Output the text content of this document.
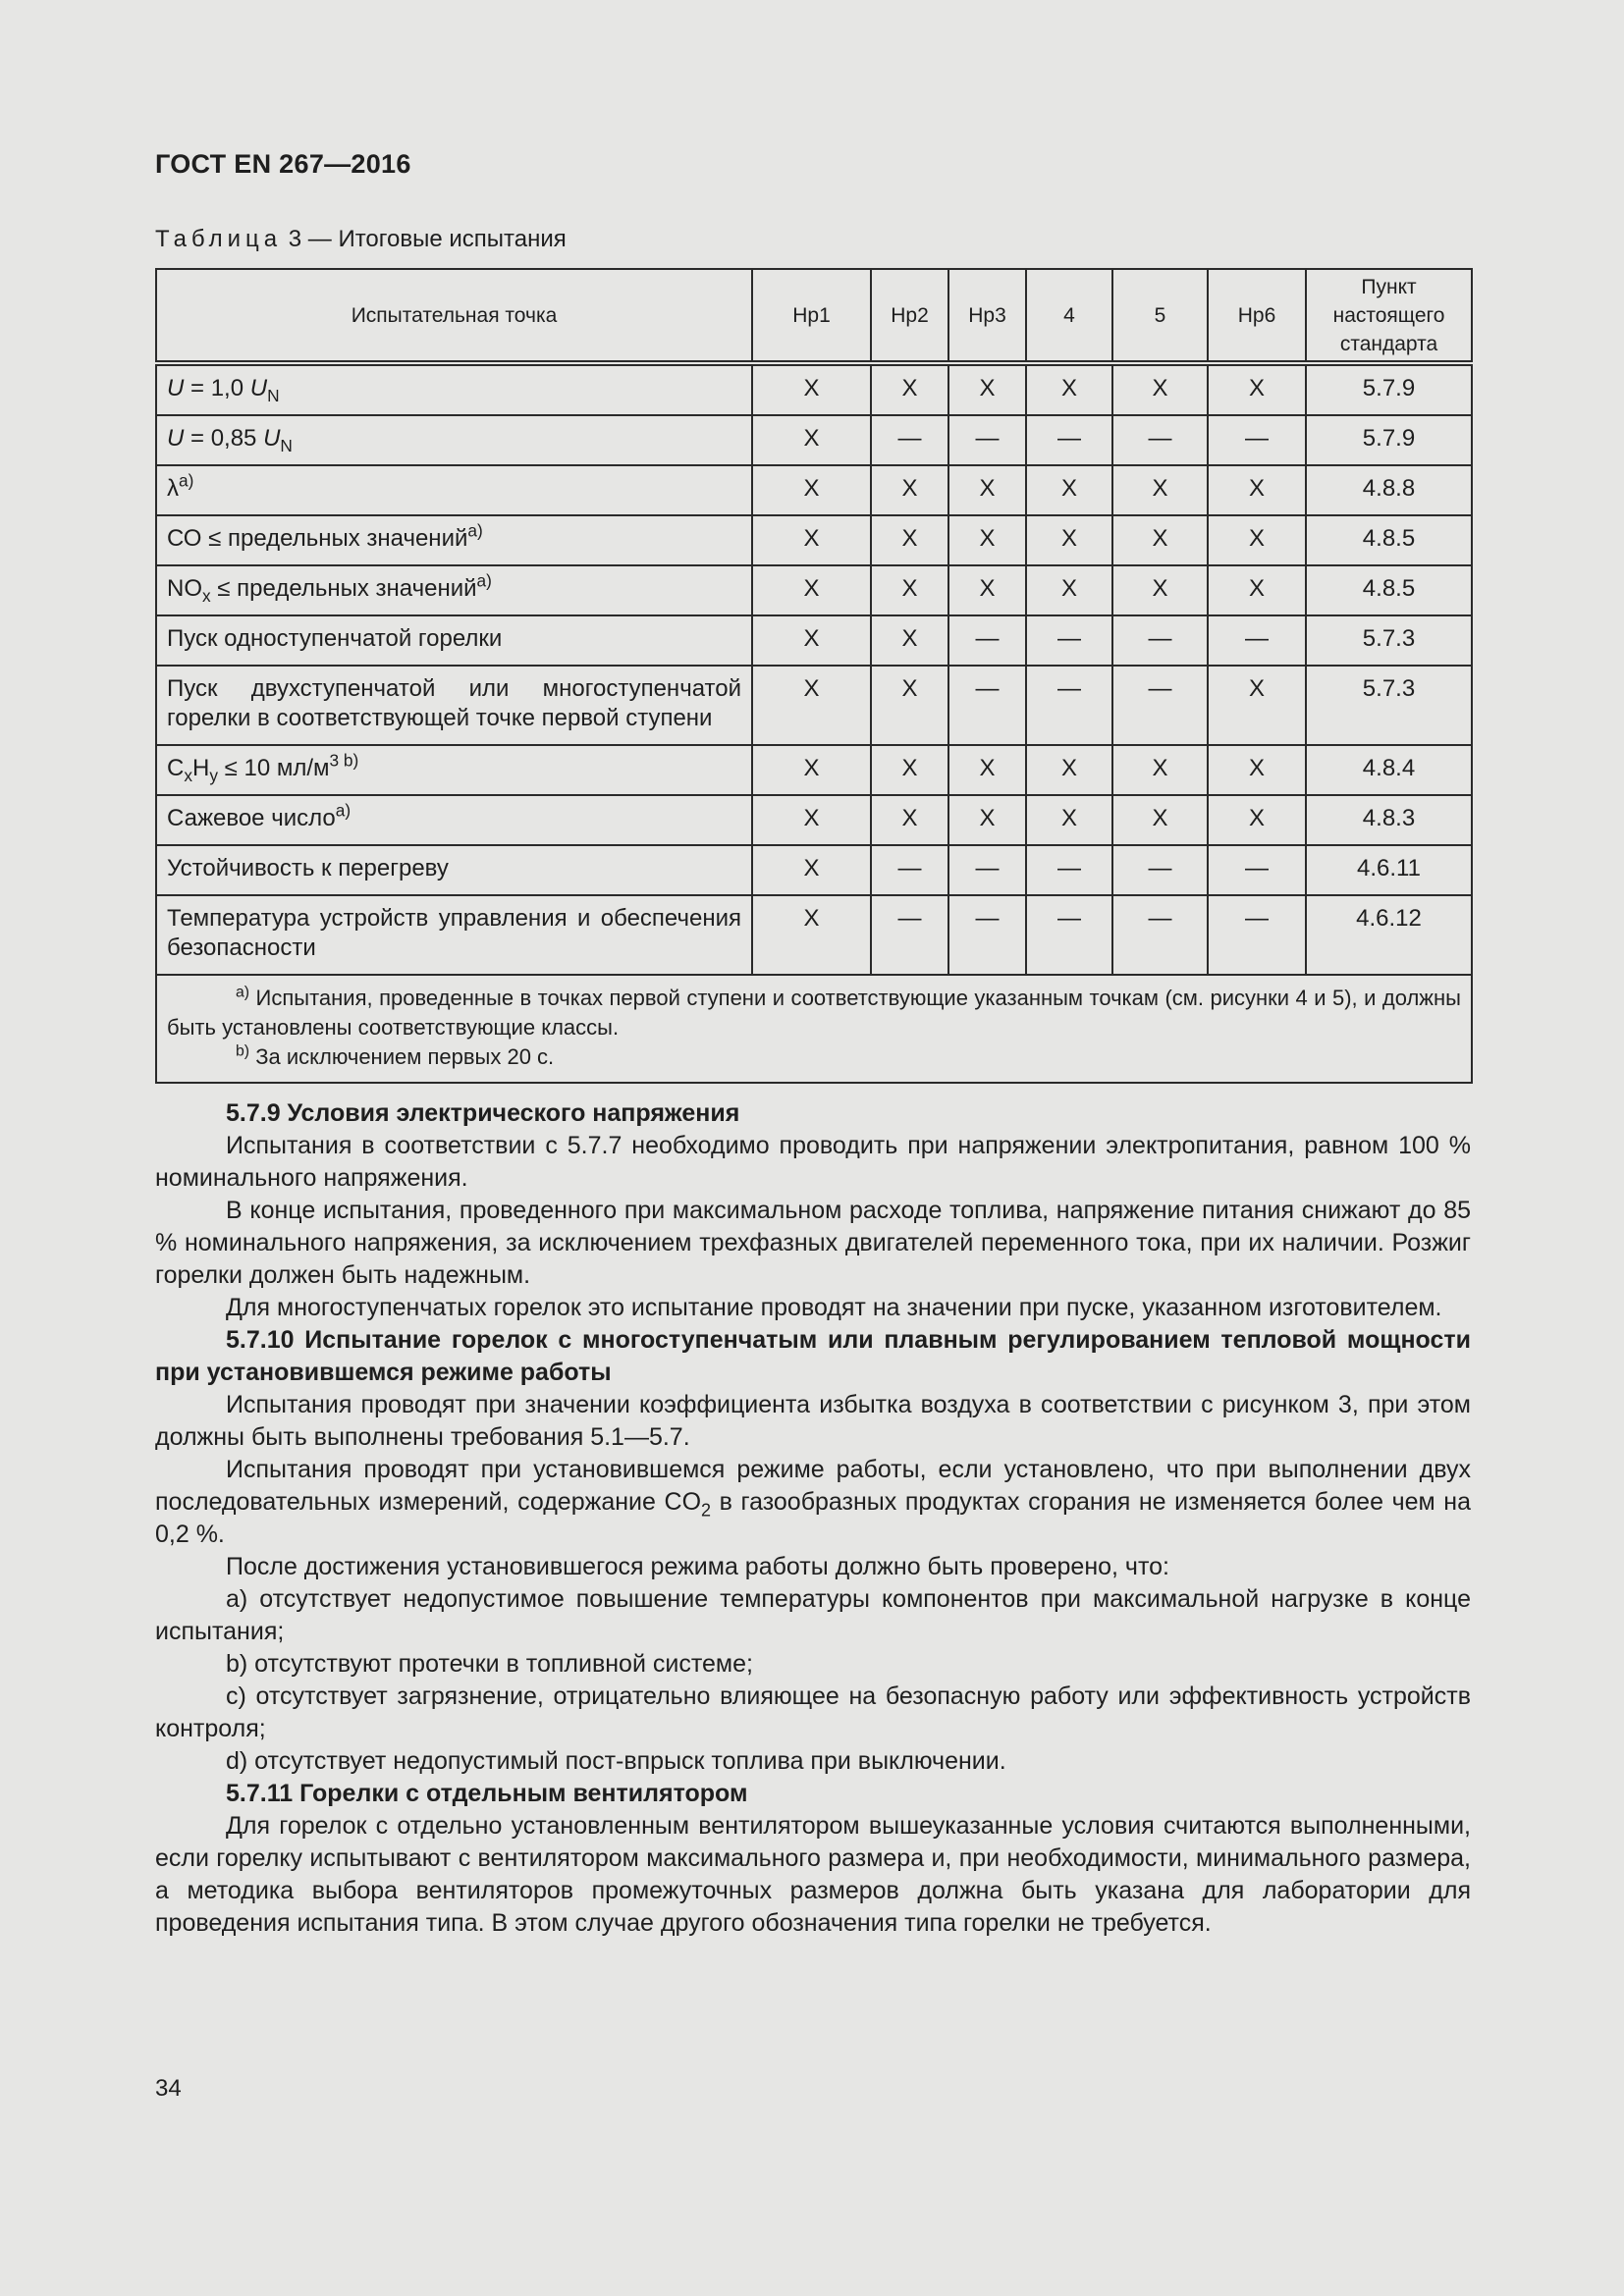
ГОСТ EN 267—2016
Таблица 3 — Итоговые испытания
Испытательная точка	Hp1	Hp2	Hp3	4	5	Hp6	Пункт настоящего стандарта
U = 1,0 $U_N$	X	X	X	X	X	X	5.7.9
U = 0,85 $U_N$	X	—	—	—	—	—	5.7.9
$\lambda^{a)}$	X	X	X	X	X	X	4.8.8
СО ≤ предельных значений$^{a)}$	X	X	X	X	X	X	4.8.5
$NO_x$ ≤ предельных значений$^{a)}$	X	X	X	X	X	X	4.8.5
Пуск одноступенчатой горелки	X	X	—	—	—	—	5.7.3
Пуск двухступенчатой или многоступенчатой горелки в соответствующей точке первой ступени	X	X	—	—	—	X	5.7.3
$C_xH_y \le 10$ $мл/м^{3 b)}$	X	X	X	X	X	X	4.8.4
Сажевое число$^{a)}$	X	X	X	X	X	X	4.8.3
Устойчивость к перегреву	X	—	—	—	—	—	4.6.11
Температура устройств управления и обеспечения безопасности	X	—	—	—	—	—	4.6.12

$^{a)}$ Испытания, проведенные в точках первой ступени и соответствующие указанным точкам (см. рисунки 4 и 5), и должны быть установлены соответствующие классы.
$^{b)}$ За исключением первых 20 с.							

5.7.9 Условия электрического напряжения

Испытания в соответствии с 5.7.7 необходимо проводить при напряжении электропитания, равном 100 % номинального напряжения.

В конце испытания, проведенного при максимальном расходе топлива, напряжение питания снижают до 85 % номинального напряжения, за исключением трехфазных двигателей переменного тока, при их наличии. Розжиг горелки должен быть надежным.

Для многоступенчатых горелок это испытание проводят на значении при пуске, указанном изготовителем.

5.7.10 Испытание горелок с многоступенчатым или плавным регулированием тепловой мощности при установившемся режиме работы

Испытания проводят при значении коэффициента избытка воздуха в соответствии с рисунком 3, при этом должны быть выполнены требования 5.1—5.7.

Испытания проводят при установившемся режиме работы, если установлено, что при выполнении двух последовательных измерений, содержание $CO_2$ в газообразных продуктах сгорания не изменяется более чем на 0,2 %.

После достижения установившегося режима работы должно быть проверено, что:

a) отсутствует недопустимое повышение температуры компонентов при максимальной нагрузке в конце испытания;

b) отсутствуют протечки в топливной системе;

c) отсутствует загрязнение, отрицательно влияющее на безопасную работу или эффективность устройств контроля;

d) отсутствует недопустимый пост-впрыск топлива при выключении.

5.7.11 Горелки с отдельным вентилятором

Для горелок с отдельно установленным вентилятором вышеуказанные условия считаются выполненными, если горелку испытывают с вентилятором максимального размера и, при необходимости, минимального размера, а методика выбора вентиляторов промежуточных размеров должна быть указана для лаборатории для проведения испытания типа. В этом случае другого обозначения типа горелки не требуется.

34
